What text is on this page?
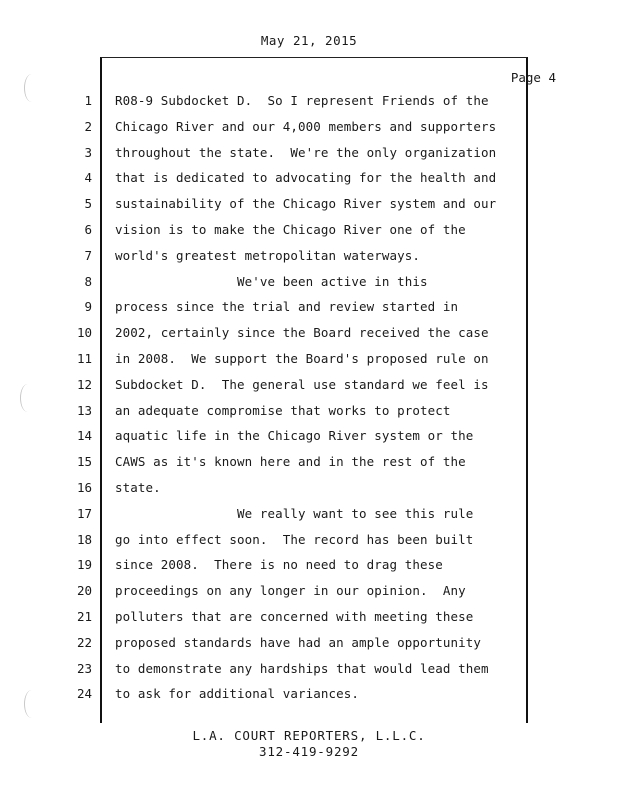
May 21, 2015
Page 4
1 R08-9 Subdocket D.  So I represent Friends of the
2 Chicago River and our 4,000 members and supporters
3 throughout the state.  We're the only organization
4 that is dedicated to advocating for the health and
5 sustainability of the Chicago River system and our
6 vision is to make the Chicago River one of the
7 world's greatest metropolitan waterways.
8 We've been active in this
9 process since the trial and review started in
10 2002, certainly since the Board received the case
11 in 2008.  We support the Board's proposed rule on
12 Subdocket D.  The general use standard we feel is
13 an adequate compromise that works to protect
14 aquatic life in the Chicago River system or the
15 CAWS as it's known here and in the rest of the
16 state.
17 We really want to see this rule
18 go into effect soon.  The record has been built
19 since 2008.  There is no need to drag these
20 proceedings on any longer in our opinion.  Any
21 polluters that are concerned with meeting these
22 proposed standards have had an ample opportunity
23 to demonstrate any hardships that would lead them
24 to ask for additional variances.
L.A. COURT REPORTERS, L.L.C.
312-419-9292
